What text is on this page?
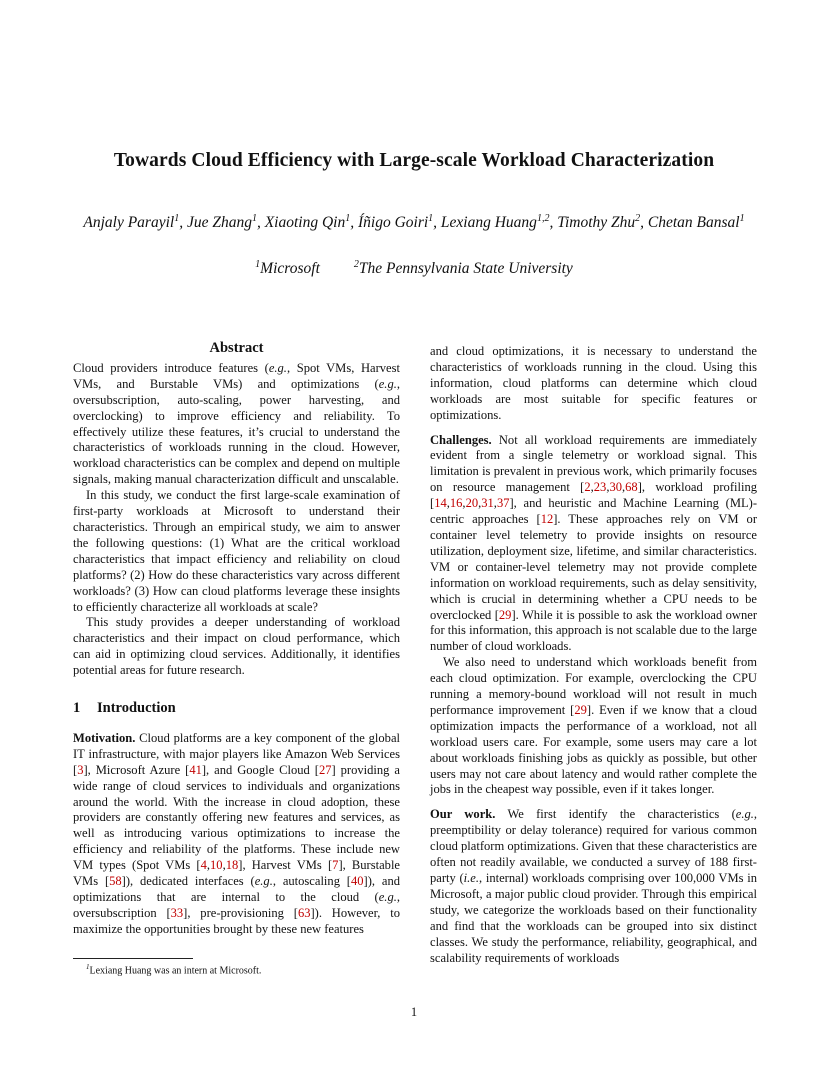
Towards Cloud Efficiency with Large-scale Workload Characterization
Anjaly Parayil$^1$, Jue Zhang$^1$, Xiaoting Qin$^1$, Íñigo Goiri$^1$, Lexiang Huang$^{1,2}$, Timothy Zhu$^2$, Chetan Bansal$^1$
$^1$Microsoft	$^2$The Pennsylvania State University
Abstract

Cloud providers introduce features (e.g., Spot VMs, Harvest VMs, and Burstable VMs) and optimizations (e.g., oversubscription, auto-scaling, power harvesting, and overclocking) to improve efficiency and reliability. To effectively utilize these features, it’s crucial to understand the characteristics of workloads running in the cloud. However, workload characteristics can be complex and depend on multiple signals, making manual characterization difficult and unscalable.

In this study, we conduct the first large-scale examination of first-party workloads at Microsoft to understand their characteristics. Through an empirical study, we aim to answer the following questions: (1) What are the critical workload characteristics that impact efficiency and reliability on cloud platforms? (2) How do these characteristics vary across different workloads? (3) How can cloud platforms leverage these insights to efficiently characterize all workloads at scale?

This study provides a deeper understanding of workload characteristics and their impact on cloud performance, which can aid in optimizing cloud services. Additionally, it identifies potential areas for future research.

1 Introduction

Motivation. Cloud platforms are a key component of the global IT infrastructure, with major players like Amazon Web Services [3], Microsoft Azure [41], and Google Cloud [27] providing a wide range of cloud services to individuals and organizations around the world. With the increase in cloud adoption, these providers are constantly offering new features and services, as well as introducing various optimizations to increase the efficiency and reliability of the platforms. These include new VM types (Spot VMs [4,10,18], Harvest VMs [7], Burstable VMs [58]), dedicated interfaces (e.g., autoscaling [40]), and optimizations that are internal to the cloud (e.g., oversubscription [33], pre-provisioning [63]). However, to maximize the opportunities brought by these new features

and cloud optimizations, it is necessary to understand the characteristics of workloads running in the cloud. Using this information, cloud platforms can determine which cloud workloads are most suitable for specific features or optimizations.

Challenges. Not all workload requirements are immediately evident from a single telemetry or workload signal. This limitation is prevalent in previous work, which primarily focuses on resource management [2,23,30,68], workload profiling [14,16,20,31,37], and heuristic and Machine Learning (ML)-centric approaches [12]. These approaches rely on VM or container level telemetry to provide insights on resource utilization, deployment size, lifetime, and similar characteristics. VM or container-level telemetry may not provide complete information on workload requirements, such as delay sensitivity, which is crucial in determining whether a CPU needs to be overclocked [29]. While it is possible to ask the workload owner for this information, this approach is not scalable due to the large number of cloud workloads.

We also need to understand which workloads benefit from each cloud optimization. For example, overclocking the CPU running a memory-bound workload will not result in much performance improvement [29]. Even if we know that a cloud optimization impacts the performance of a workload, not all workload users care. For example, some users may care a lot about workloads finishing jobs as quickly as possible, but other users may not care about latency and would rather complete the jobs in the cheapest way possible, even if it takes longer.

Our work. We first identify the characteristics (e.g., preemptibility or delay tolerance) required for various common cloud platform optimizations. Given that these characteristics are often not readily available, we conducted a survey of 188 first-party (i.e., internal) workloads comprising over 100,000 VMs in Microsoft, a major public cloud provider. Through this empirical study, we categorize the workloads based on their functionality and find that the workloads can be grouped into six distinct classes. We study the performance, reliability, geographical, and scalability requirements of workloads

$^1$Lexiang Huang was an intern at Microsoft.
1
